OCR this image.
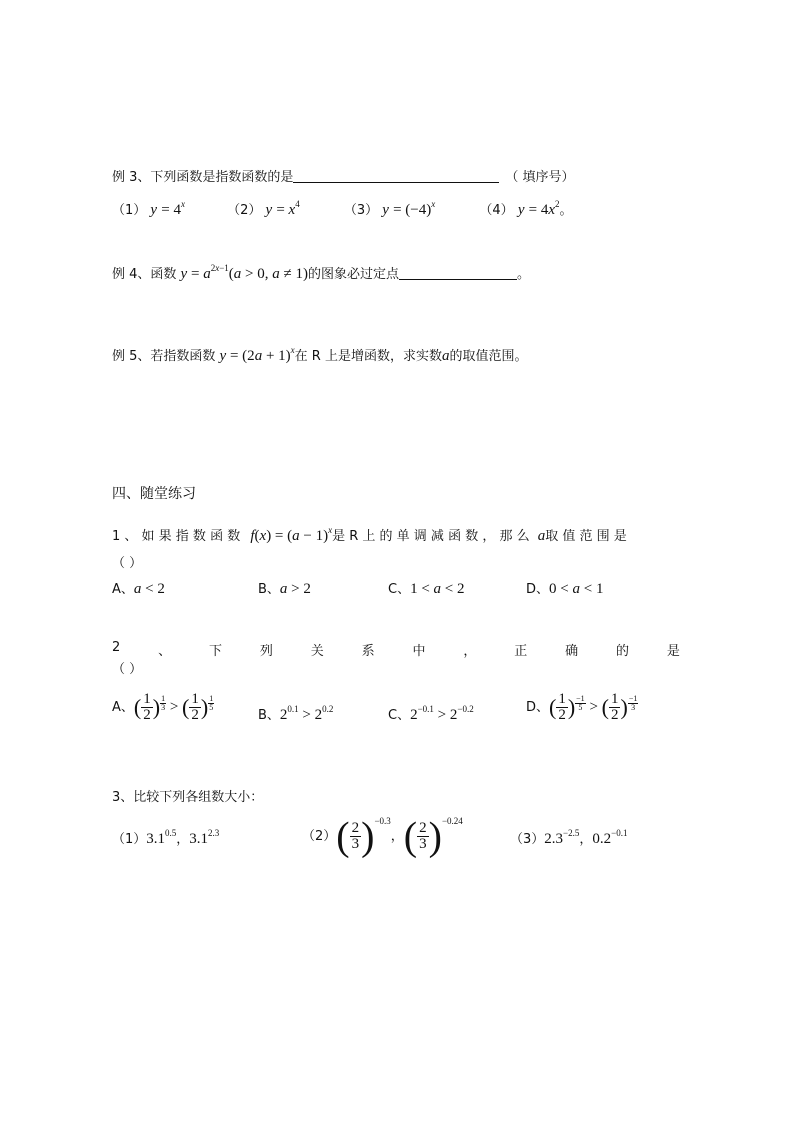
例 3、下列函数是指数函数的是	（ 填序号）
（1） $y = 4^x$	（2） $y = x^4$	（3） $y = (-4)^x$	（4） $y = 4x^2$。
例 4、函数 $y = a^{2x-1}(a > 0$, a ≠ 1)的图象必过定点	。
例 5、若指数函数 $y = (2a + 1)^x$在 R 上是增函数，求实数a的取值范围。
四、随堂练习
1 、 如 果 指 数 函 数 $f(x) = (a - 1)^x$是 R 上 的 单 调 减 函 数 ， 那 么 a取 值 范 围 是
（ ）
A、a < 2	B、a > 2	C、1 < a < 2	D、0 < a < 1
2	、	下	列	关	系	中	，	正	确	的	是
（ ）
A、( $\frac{1}{2}$ ) $\frac{1}{3}$ > ( $\frac{1}{2}$ ) $\frac{1}{5}$
B、$2^{0.1} > 2^{0.2}$	C、$2^{-0.1} > 2^{-0.2}$	D、( $\frac{1}{2}$ ) $\frac{-1}{5}$ > ( $\frac{1}{2}$ ) $\frac{-1}{3}$
3、比较下列各组数大小：
$(1)3.1^{0.5}$，$3.1^{2.3}$	$(2)( \frac{2}{3} )^{-0.3}$，( $\frac{2}{3} )^{-0.24}$
$(3)2.3^{-2.5}$，$0.2^{-0.1}$
